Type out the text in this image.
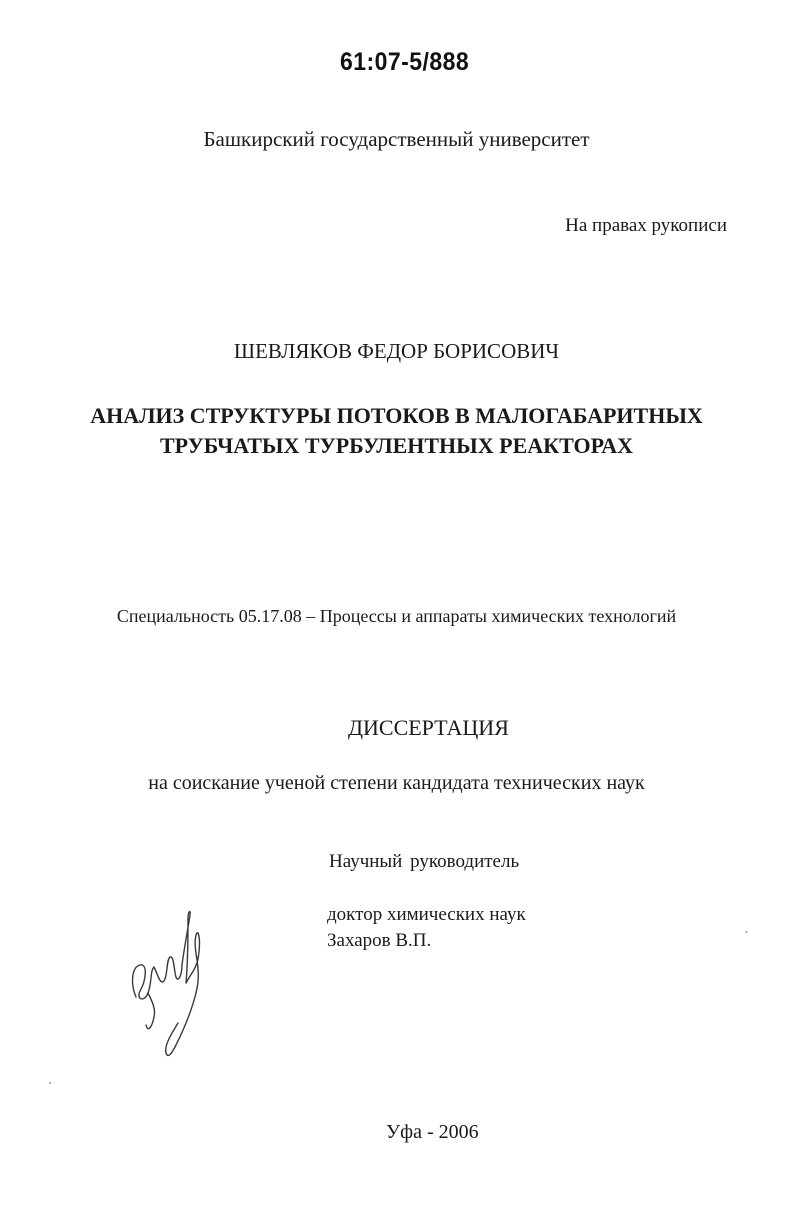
61:07-5/888
Башкирский государственный университет
На правах рукописи
ШЕВЛЯКОВ ФЕДОР БОРИСОВИЧ
АНАЛИЗ СТРУКТУРЫ ПОТОКОВ В МАЛОГАБАРИТНЫХ
ТРУБЧАТЫХ ТУРБУЛЕНТНЫХ РЕАКТОРАХ
Специальность 05.17.08 – Процессы и аппараты химических технологий
ДИССЕРТАЦИЯ
на соискание ученой степени кандидата технических наук
Научный руководитель
доктор химических наук
Захаров В.П.
Уфа - 2006
